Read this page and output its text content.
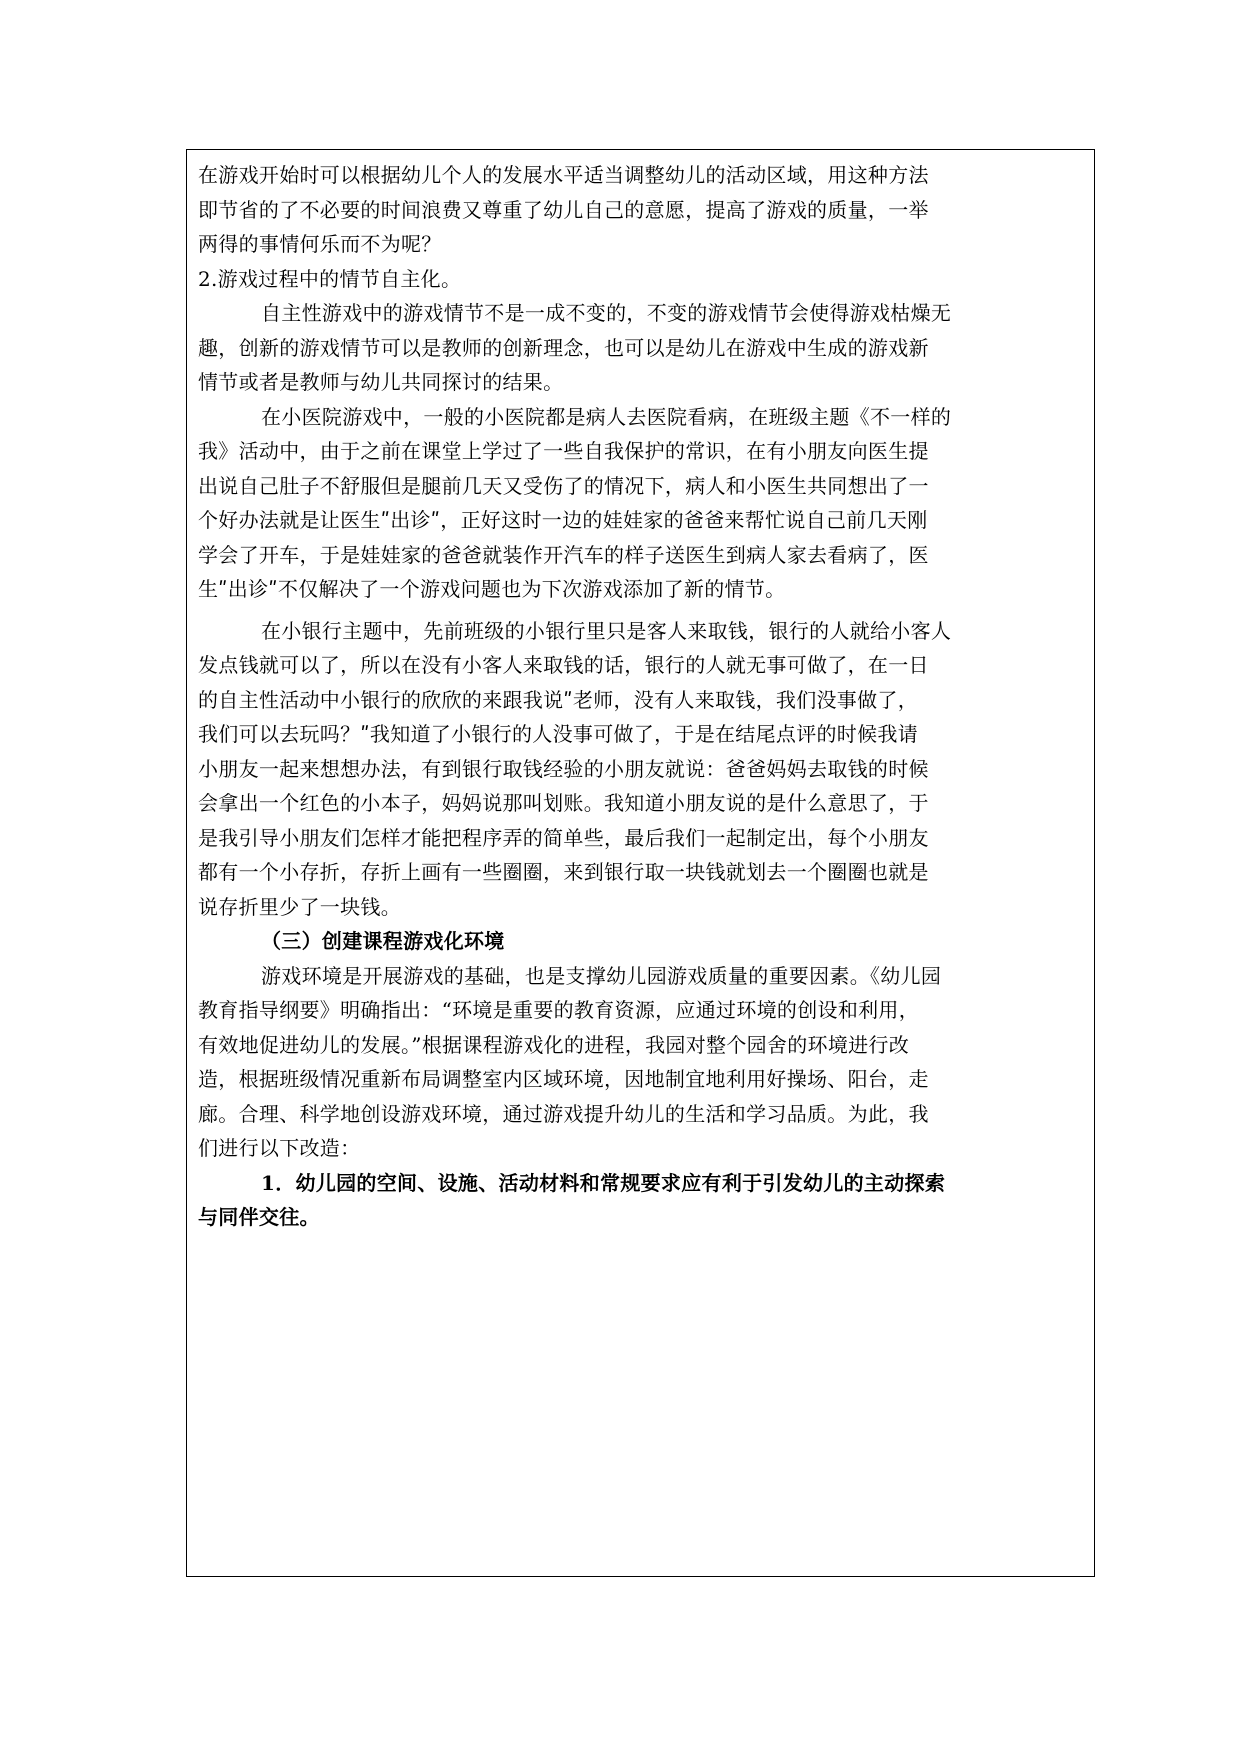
在游戏开始时可以根据幼儿个人的发展水平适当调整幼儿的活动区域，用这种方法

即节省的了不必要的时间浪费又尊重了幼儿自己的意愿，提高了游戏的质量，一举

两得的事情何乐而不为呢？

2.游戏过程中的情节自主化。

自主性游戏中的游戏情节不是一成不变的，不变的游戏情节会使得游戏枯燥无

趣，创新的游戏情节可以是教师的创新理念，也可以是幼儿在游戏中生成的游戏新

情节或者是教师与幼儿共同探讨的结果。

在小医院游戏中，一般的小医院都是病人去医院看病，在班级主题《不一样的

我》活动中，由于之前在课堂上学过了一些自我保护的常识，在有小朋友向医生提

出说自己肚子不舒服但是腿前几天又受伤了的情况下，病人和小医生共同想出了一

个好办法就是让医生ʺ出诊ʺ，正好这时一边的娃娃家的爸爸来帮忙说自己前几天刚

学会了开车，于是娃娃家的爸爸就装作开汽车的样子送医生到病人家去看病了，医

生ʺ出诊ʺ不仅解决了一个游戏问题也为下次游戏添加了新的情节。

在小银行主题中，先前班级的小银行里只是客人来取钱，银行的人就给小客人

发点钱就可以了，所以在没有小客人来取钱的话，银行的人就无事可做了，在一日

的自主性活动中小银行的欣欣的来跟我说ʺ老师，没有人来取钱，我们没事做了，

我们可以去玩吗？ʺ我知道了小银行的人没事可做了，于是在结尾点评的时候我请

小朋友一起来想想办法，有到银行取钱经验的小朋友就说：爸爸妈妈去取钱的时候

会拿出一个红色的小本子，妈妈说那叫划账。我知道小朋友说的是什么意思了，于

是我引导小朋友们怎样才能把程序弄的简单些，最后我们一起制定出，每个小朋友

都有一个小存折，存折上画有一些圈圈，来到银行取一块钱就划去一个圈圈也就是

说存折里少了一块钱。

（三）创建课程游戏化环境

游戏环境是开展游戏的基础，也是支撑幼儿园游戏质量的重要因素。《幼儿园

教育指导纲要》明确指出：“环境是重要的教育资源，应通过环境的创设和利用，

有效地促进幼儿的发展。”根据课程游戏化的进程，我园对整个园舍的环境进行改

造，根据班级情况重新布局调整室内区域环境，因地制宜地利用好操场、阳台，走

廊。合理、科学地创设游戏环境，通过游戏提升幼儿的生活和学习品质。为此，我

们进行以下改造：

1．幼儿园的空间、设施、活动材料和常规要求应有利于引发幼儿的主动探索

与同伴交往。
